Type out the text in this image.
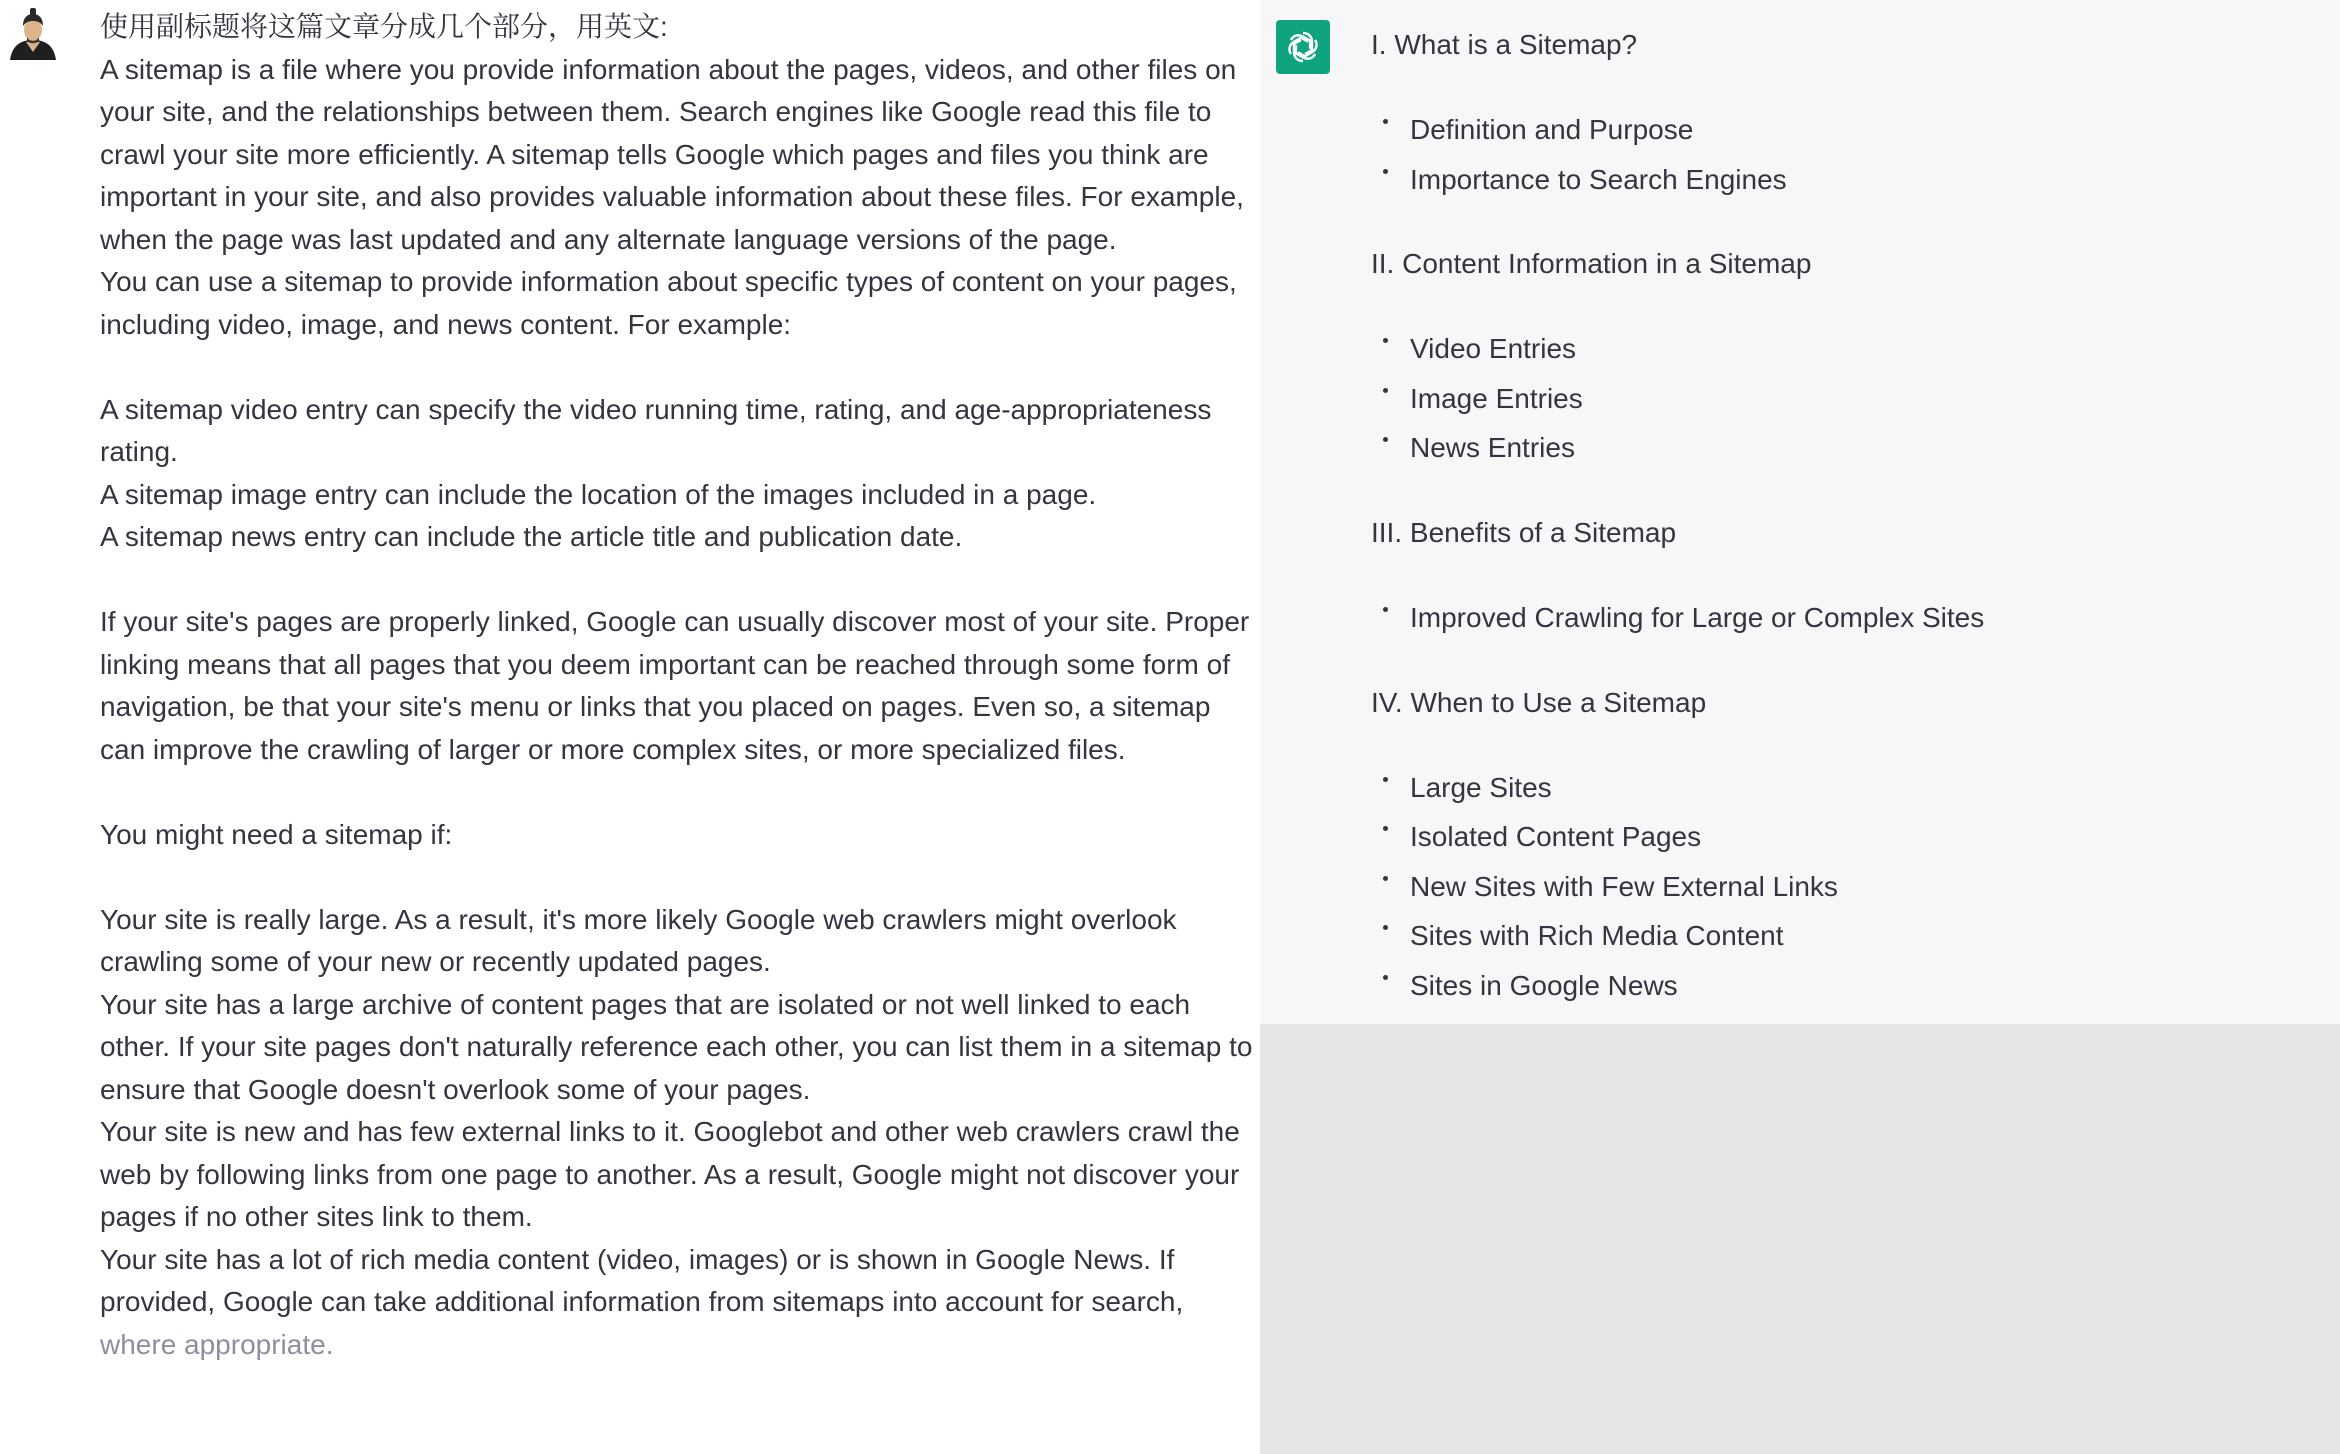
使用副标题将这篇文章分成几个部分，用英文:

A sitemap is a file where you provide information about the pages, videos, and other files on your site, and the relationships between them. Search engines like Google read this file to crawl your site more efficiently. A sitemap tells Google which pages and files you think are important in your site, and also provides valuable information about these files. For example, when the page was last updated and any alternate language versions of the page.

You can use a sitemap to provide information about specific types of content on your pages, including video, image, and news content. For example:

A sitemap video entry can specify the video running time, rating, and age-appropriateness rating.

A sitemap image entry can include the location of the images included in a page.

A sitemap news entry can include the article title and publication date.

If your site's pages are properly linked, Google can usually discover most of your site. Proper linking means that all pages that you deem important can be reached through some form of navigation, be that your site's menu or links that you placed on pages. Even so, a sitemap can improve the crawling of larger or more complex sites, or more specialized files.

You might need a sitemap if:

Your site is really large. As a result, it's more likely Google web crawlers might overlook crawling some of your new or recently updated pages.

Your site has a large archive of content pages that are isolated or not well linked to each other. If your site pages don't naturally reference each other, you can list them in a sitemap to ensure that Google doesn't overlook some of your pages.

Your site is new and has few external links to it. Googlebot and other web crawlers crawl the web by following links from one page to another. As a result, Google might not discover your pages if no other sites link to them.

Your site has a lot of rich media content (video, images) or is shown in Google News. If provided, Google can take additional information from sitemaps into account for search,

where appropriate.

I. What is a Sitemap?
Definition and Purpose
Importance to Search Engines
II. Content Information in a Sitemap
Video Entries
Image Entries
News Entries
III. Benefits of a Sitemap
Improved Crawling for Large or Complex Sites
IV. When to Use a Sitemap
Large Sites
Isolated Content Pages
New Sites with Few External Links
Sites with Rich Media Content
Sites in Google News
